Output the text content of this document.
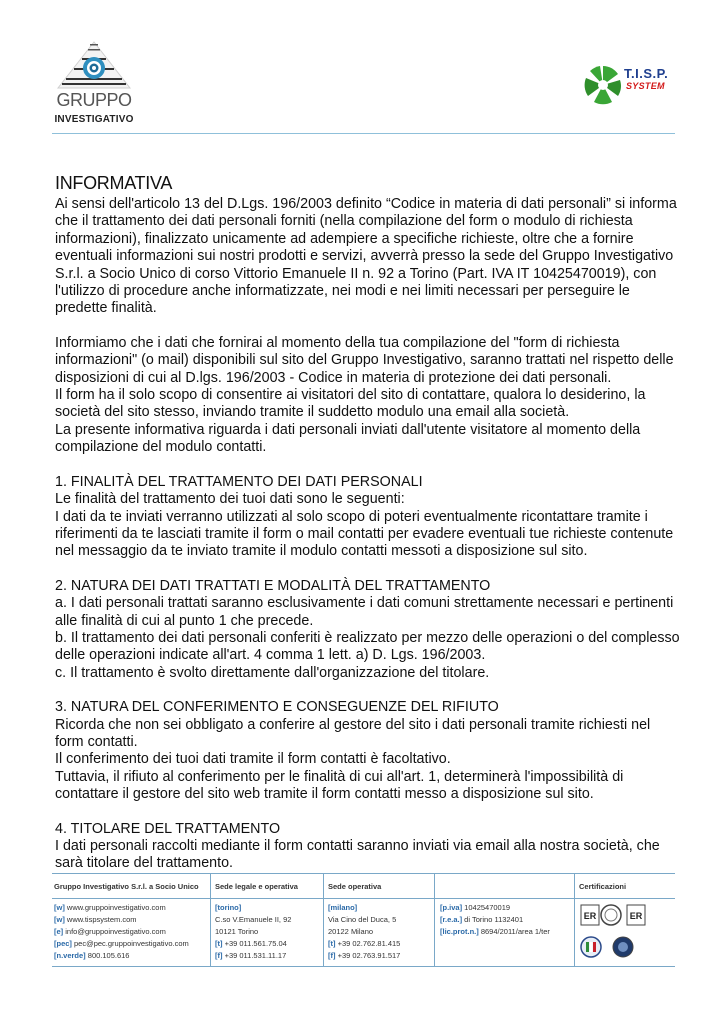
GRUPPO
INVESTIGATIVO
T.I.S.P.
SYSTEM
INFORMATIVA

Ai sensi dell'articolo 13 del D.Lgs. 196/2003 definito “Codice in materia di dati personali” si informa che il trattamento dei dati personali forniti (nella compilazione del form o modulo di richiesta informazioni), finalizzato unicamente ad adempiere a specifiche richieste, oltre che a fornire eventuali informazioni sui nostri prodotti e servizi, avverrà presso la sede del Gruppo Investigativo S.r.l. a Socio Unico di corso Vittorio Emanuele II n. 92 a Torino (Part. IVA IT 10425470019), con l'utilizzo di procedure anche informatizzate, nei modi e nei limiti necessari per perseguire le predette finalità.

Informiamo che i dati che fornirai al momento della tua compilazione del "form di richiesta informazioni" (o mail) disponibili sul sito del Gruppo Investigativo, saranno trattati nel rispetto delle disposizioni di cui al D.lgs. 196/2003 - Codice in materia di protezione dei dati personali.
Il form ha il solo scopo di consentire ai visitatori del sito di contattare, qualora lo desiderino, la società del sito stesso, inviando tramite il suddetto modulo una email alla società.
La presente informativa riguarda i dati personali inviati dall'utente visitatore al momento della compilazione del modulo contatti.

1. FINALITÀ DEL TRATTAMENTO DEI DATI PERSONALI

Le finalità del trattamento dei tuoi dati sono le seguenti:
I dati da te inviati verranno utilizzati al solo scopo di poteri eventualmente ricontattare tramite i riferimenti da te lasciati tramite il form o mail contatti per evadere eventuali tue richieste contenute nel messaggio da te inviato tramite il modulo contatti messoti a disposizione sul sito.

2. NATURA DEI DATI TRATTATI E MODALITÀ DEL TRATTAMENTO

a. I dati personali trattati saranno esclusivamente i dati comuni strettamente necessari e pertinenti alle finalità di cui al punto 1 che precede.
b. Il trattamento dei dati personali conferiti è realizzato per mezzo delle operazioni o del complesso delle operazioni indicate all'art. 4 comma 1 lett. a) D. Lgs. 196/2003.
c. Il trattamento è svolto direttamente dall'organizzazione del titolare.

3. NATURA DEL CONFERIMENTO E CONSEGUENZE DEL RIFIUTO

Ricorda che non sei obbligato a conferire al gestore del sito i dati personali tramite richiesti nel form contatti.
Il conferimento dei tuoi dati tramite il form contatti è facoltativo.
Tuttavia, il rifiuto al conferimento per le finalità di cui all'art. 1, determinerà l'impossibilità di contattare il gestore del sito web tramite il form contatti messo a disposizione sul sito.

4. TITOLARE DEL TRATTAMENTO

I dati personali raccolti mediante il form contatti saranno inviati via email alla nostra società, che sarà titolare del trattamento.

Gruppo Investigativo S.r.l. a Socio Unico
[w] www.gruppoinvestigativo.com
[w] www.tispsystem.com
[e] info@gruppoinvestigativo.com
[pec] pec@pec.gruppoinvestigativo.com
[n.verde] 800.105.616
Sede legale e operativa
[torino]
C.so V.Emanuele II, 92
10121 Torino
[t] +39 011.561.75.04
[f] +39 011.531.11.17
Sede operativa
[milano]
Via Cino del Duca, 5
20122 Milano
[t] +39 02.762.81.415
[f] +39 02.763.91.517
[p.iva] 10425470019
[r.e.a.] di Torino 1132401
[lic.prot.n.] 8694/2011/area 1/ter
Certificazioni
ER	ER
